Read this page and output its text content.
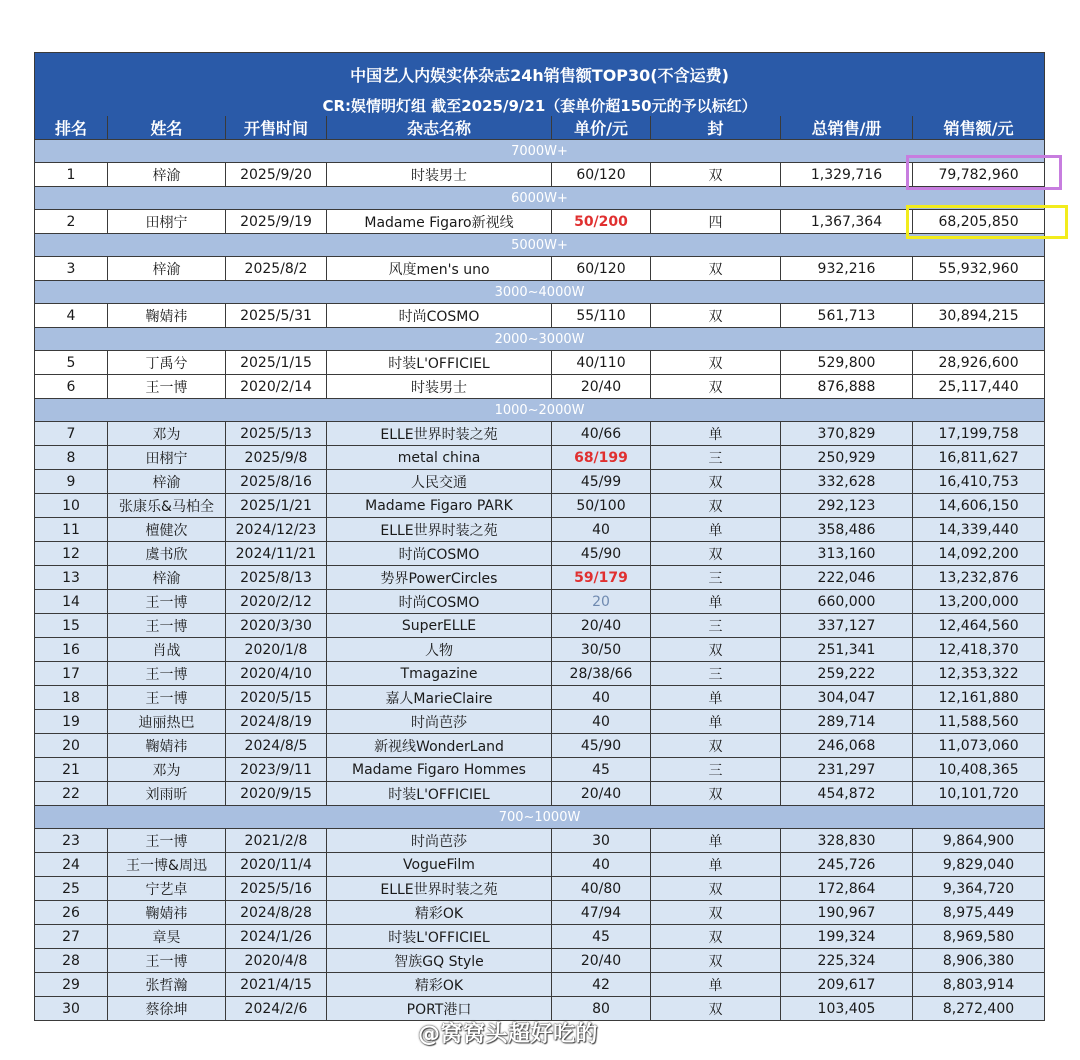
中国艺人内娱实体杂志24h销售额TOP30(不含运费)							
CR:娱情明灯组 截至2025/9/21（套单价超150元的予以标红）							
排名	姓名	开售时间	杂志名称	单价/元	封	总销售/册	销售额/元
7000W+							
1	梓渝	2025/9/20	时装男士	60/120	双	1,329,716	79,782,960
6000W+							
2	田栩宁	2025/9/19	Madame Figaro新视线	50/200	四	1,367,364	68,205,850
5000W+							
3	梓渝	2025/8/2	风度men's uno	60/120	双	932,216	55,932,960
3000~4000W							
4	鞠婧祎	2025/5/31	时尚COSMO	55/110	双	561,713	30,894,215
2000~3000W							
5	丁禹兮	2025/1/15	时装L'OFFICIEL	40/110	双	529,800	28,926,600
6	王一博	2020/2/14	时装男士	20/40	双	876,888	25,117,440
1000~2000W							
7	邓为	2025/5/13	ELLE世界时装之苑	40/66	单	370,829	17,199,758
8	田栩宁	2025/9/8	metal china	68/199	三	250,929	16,811,627
9	梓渝	2025/8/16	人民交通	45/99	双	332,628	16,410,753
10	张康乐&马柏全	2025/1/21	Madame Figaro PARK	50/100	双	292,123	14,606,150
11	檀健次	2024/12/23	ELLE世界时装之苑	40	单	358,486	14,339,440
12	虞书欣	2024/11/21	时尚COSMO	45/90	双	313,160	14,092,200
13	梓渝	2025/8/13	势界PowerCircles	59/179	三	222,046	13,232,876
14	王一博	2020/2/12	时尚COSMO	20	单	660,000	13,200,000
15	王一博	2020/3/30	SuperELLE	20/40	三	337,127	12,464,560
16	肖战	2020/1/8	人物	30/50	双	251,341	12,418,370
17	王一博	2020/4/10	Tmagazine	28/38/66	三	259,222	12,353,322
18	王一博	2020/5/15	嘉人MarieClaire	40	单	304,047	12,161,880
19	迪丽热巴	2024/8/19	时尚芭莎	40	单	289,714	11,588,560
20	鞠婧祎	2024/8/5	新视线WonderLand	45/90	双	246,068	11,073,060
21	邓为	2023/9/11	Madame Figaro Hommes	45	三	231,297	10,408,365
22	刘雨昕	2020/9/15	时装L'OFFICIEL	20/40	双	454,872	10,101,720
700~1000W							
23	王一博	2021/2/8	时尚芭莎	30	单	328,830	9,864,900
24	王一博&周迅	2020/11/4	VogueFilm	40	单	245,726	9,829,040
25	宁艺卓	2025/5/16	ELLE世界时装之苑	40/80	双	172,864	9,364,720
26	鞠婧祎	2024/8/28	精彩OK	47/94	双	190,967	8,975,449
27	章昊	2024/1/26	时装L'OFFICIEL	45	双	199,324	8,969,580
28	王一博	2020/4/8	智族GQ Style	20/40	双	225,324	8,906,380
29	张哲瀚	2021/4/15	精彩OK	42	单	209,617	8,803,914
30	蔡徐坤	2024/2/6	PORT港口	80	双	103,405	8,272,400
@窝窝头超好吃的
